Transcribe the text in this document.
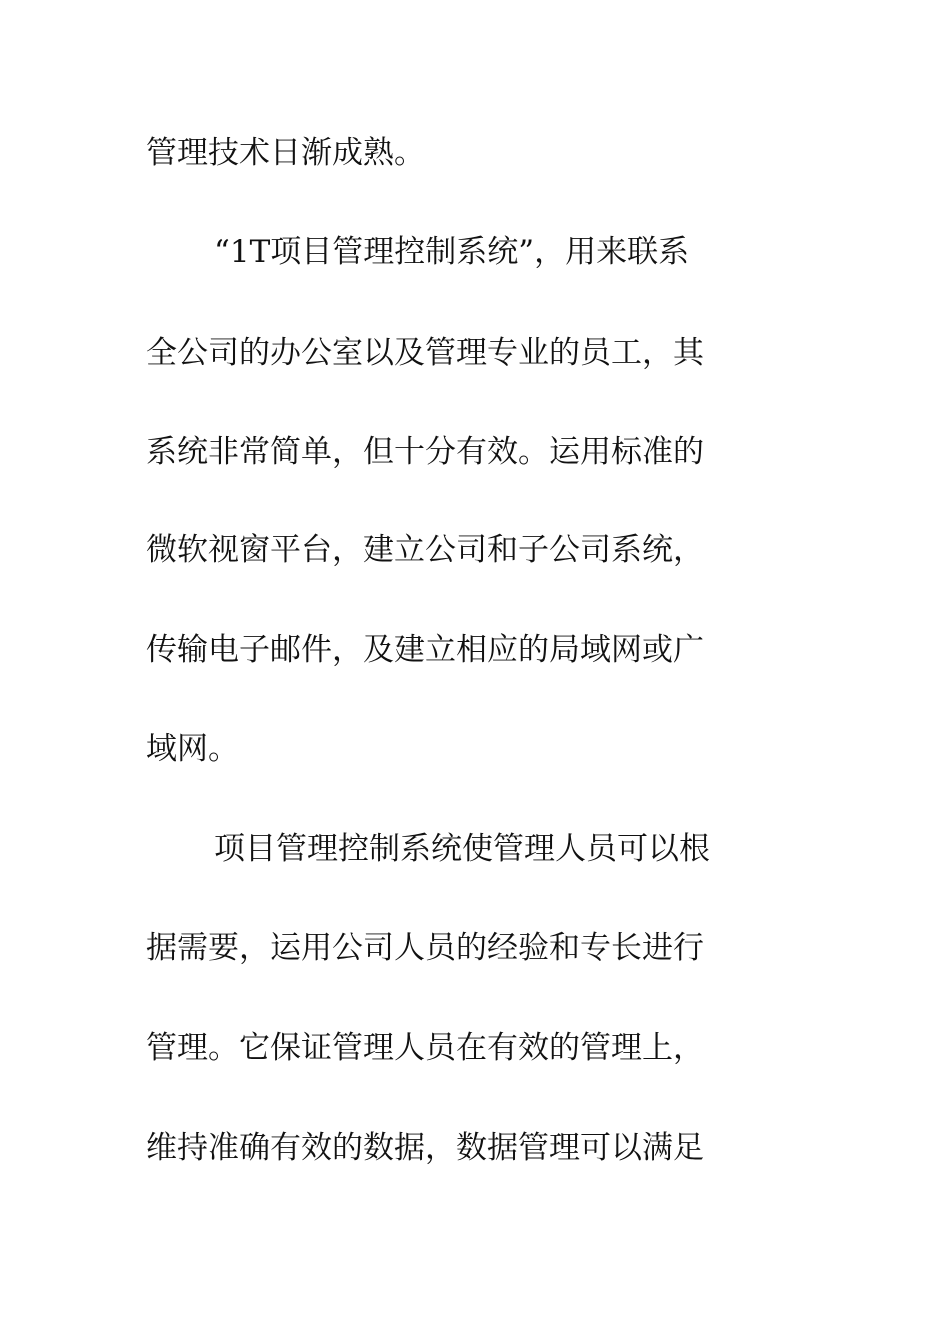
管理技术日渐成熟。
“1T项目管理控制系统”，用来联系
全公司的办公室以及管理专业的员工，其
系统非常简单，但十分有效。运用标准的
微软视窗平台，建立公司和子公司系统，
传输电子邮件，及建立相应的局域网或广
域网。
项目管理控制系统使管理人员可以根
据需要，运用公司人员的经验和专长进行
管理。它保证管理人员在有效的管理上，
维持准确有效的数据，数据管理可以满足
